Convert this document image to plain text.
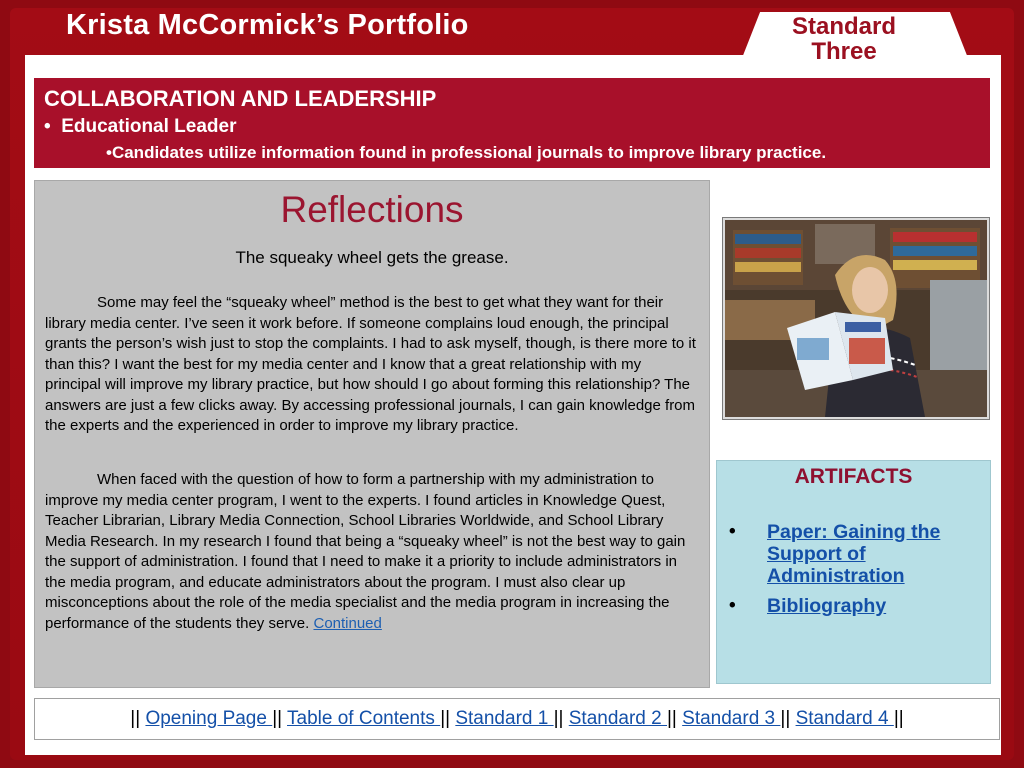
Krista McCormick’s Portfolio	Standard
Three
COLLABORATION AND LEADERSHIP
•  Educational Leader
•Candidates utilize information found in professional journals to improve library practice.
Reflections
The squeaky wheel gets the grease.
Some may feel the “squeaky wheel” method is the best to get what they want for their library media center. I’ve seen it work before. If someone complains loud enough, the principal grants the person’s wish just to stop the complaints. I had to ask myself, though, is there more to it than this? I want the best for my media center and I know that a great relationship with my principal will improve my library practice, but how should I go about forming this relationship? The answers are just a few clicks away. By accessing professional journals, I can gain knowledge from the experts and the experienced in order to improve my library practice.
When faced with the question of how to form a partnership with my administration to improve my media center program, I went to the experts. I found articles in Knowledge Quest, Teacher Librarian, Library Media Connection, School Libraries Worldwide, and School Library Media Research. In my research I found that being a “squeaky wheel” is not the best way to gain the support of administration. I found that I need to make it a priority to include administrators in the media program, and educate administrators about the program. I must also clear up misconceptions about the role of the media specialist and the media program in increasing the performance of the students they serve. Continued
ARTIFACTS
• Paper: Gaining the Support of Administration
• Bibliography
|| Opening Page || Table of Contents || Standard 1 || Standard 2 || Standard 3 || Standard 4 ||
